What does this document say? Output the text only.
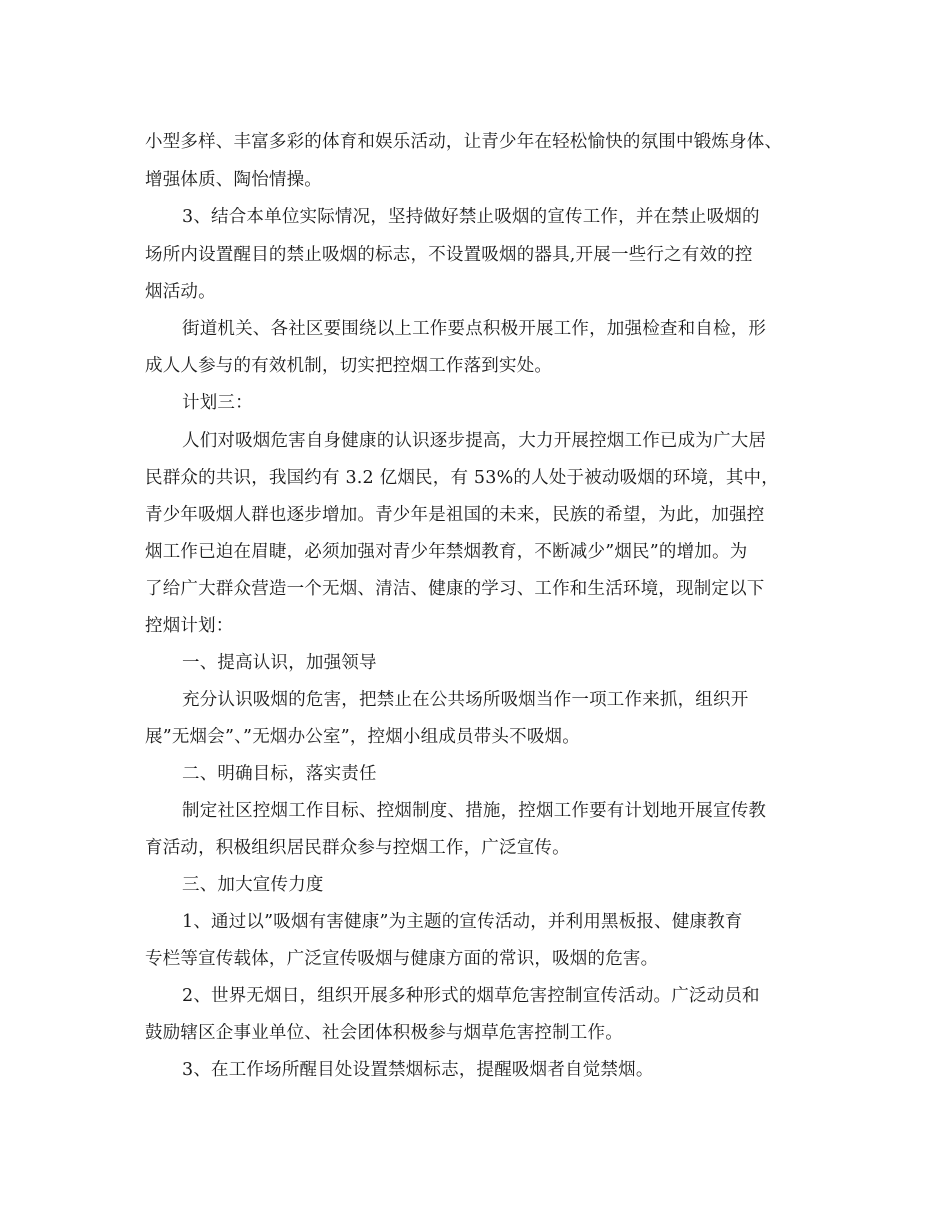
小型多样、丰富多彩的体育和娱乐活动，让青少年在轻松愉快的氛围中锻炼身体、
增强体质、陶怡情操。
3、结合本单位实际情况，坚持做好禁止吸烟的宣传工作，并在禁止吸烟的
场所内设置醒目的禁止吸烟的标志，不设置吸烟的器具,开展一些行之有效的控
烟活动。
街道机关、各社区要围绕以上工作要点积极开展工作，加强检查和自检，形
成人人参与的有效机制，切实把控烟工作落到实处。
计划三：
人们对吸烟危害自身健康的认识逐步提高，大力开展控烟工作已成为广大居
民群众的共识，我国约有 3.2 亿烟民，有 53%的人处于被动吸烟的环境，其中，
青少年吸烟人群也逐步增加。青少年是祖国的未来，民族的希望，为此，加强控
烟工作已迫在眉睫，必须加强对青少年禁烟教育，不断减少”烟民”的增加。为
了给广大群众营造一个无烟、清洁、健康的学习、工作和生活环境，现制定以下
控烟计划：
一、提高认识，加强领导
充分认识吸烟的危害，把禁止在公共场所吸烟当作一项工作来抓，组织开
展”无烟会”、”无烟办公室”，控烟小组成员带头不吸烟。
二、明确目标，落实责任
制定社区控烟工作目标、控烟制度、措施，控烟工作要有计划地开展宣传教
育活动，积极组织居民群众参与控烟工作，广泛宣传。
三、加大宣传力度
1、通过以”吸烟有害健康”为主题的宣传活动，并利用黑板报、健康教育
专栏等宣传载体，广泛宣传吸烟与健康方面的常识，吸烟的危害。
2、世界无烟日，组织开展多种形式的烟草危害控制宣传活动。广泛动员和
鼓励辖区企事业单位、社会团体积极参与烟草危害控制工作。
3、在工作场所醒目处设置禁烟标志，提醒吸烟者自觉禁烟。
